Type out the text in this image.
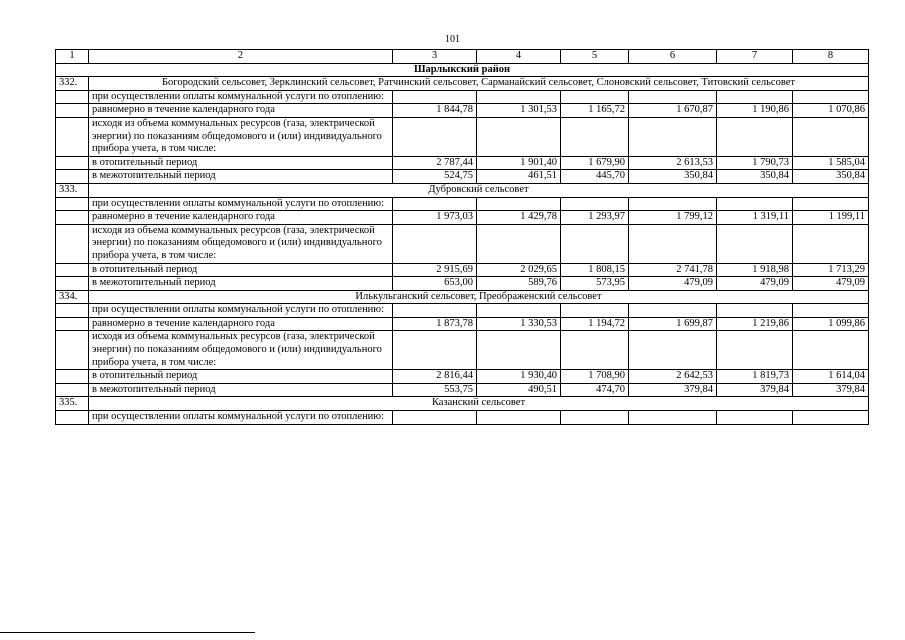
101
1	2	3	4	5	6	7	8
Шарлыкский район							
332.	Богородский сельсовет, Зерклинский сельсовет, Ратчинский сельсовет, Сарманайский сельсовет, Слоновский сельсовет, Титовский сельсовет						
	при осуществлении оплаты коммунальной услуги по отоплению:						
	равномерно в течение календарного года	1 844,78	1 301,53	1 165,72	1 670,87	1 190,86	1 070,86
	исходя из объема коммунальных ресурсов (газа, электрической энергии) по показаниям общедомового и (или) индивидуального прибора учета, в том числе:						
	в отопительный период	2 787,44	1 901,40	1 679,90	2 613,53	1 790,73	1 585,04
	в межотопительный период	524,75	461,51	445,70	350,84	350,84	350,84
333.	Дубровский сельсовет						
	при осуществлении оплаты коммунальной услуги по отоплению:						
	равномерно в течение календарного года	1 973,03	1 429,78	1 293,97	1 799,12	1 319,11	1 199,11
	исходя из объема коммунальных ресурсов (газа, электрической энергии) по показаниям общедомового и (или) индивидуального прибора учета, в том числе:						
	в отопительный период	2 915,69	2 029,65	1 808,15	2 741,78	1 918,98	1 713,29
	в межотопительный период	653,00	589,76	573,95	479,09	479,09	479,09
334.	Илькульганский сельсовет, Преображенский сельсовет						
	при осуществлении оплаты коммунальной услуги по отоплению:						
	равномерно в течение календарного года	1 873,78	1 330,53	1 194,72	1 699,87	1 219,86	1 099,86
	исходя из объема коммунальных ресурсов (газа, электрической энергии) по показаниям общедомового и (или) индивидуального прибора учета, в том числе:						
	в отопительный период	2 816,44	1 930,40	1 708,90	2 642,53	1 819,73	1 614,04
	в межотопительный период	553,75	490,51	474,70	379,84	379,84	379,84
335.	Казанский сельсовет						
	при осуществлении оплаты коммунальной услуги по отоплению:						
